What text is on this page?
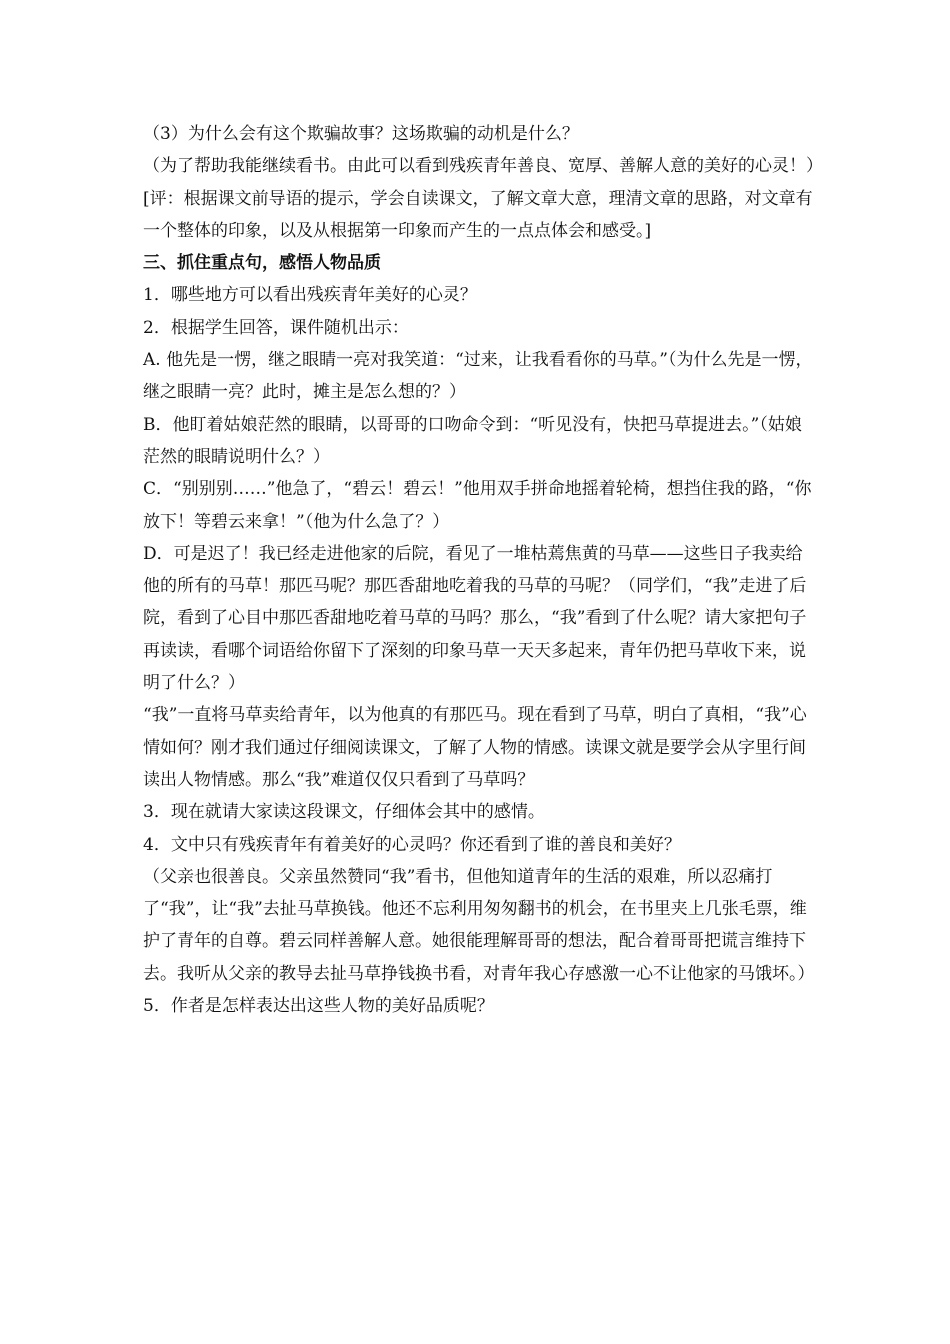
（3）为什么会有这个欺骗故事？这场欺骗的动机是什么？

（为了帮助我能继续看书。由此可以看到残疾青年善良、宽厚、善解人意的美好的心灵！）

[评：根据课文前导语的提示，学会自读课文，了解文章大意，理清文章的思路，对文章有一个整体的印象，以及从根据第一印象而产生的一点点体会和感受。]

三、抓住重点句，感悟人物品质

1．哪些地方可以看出残疾青年美好的心灵？

2．根据学生回答，课件随机出示：

A. 他先是一愣，继之眼睛一亮对我笑道：“过来，让我看看你的马草。”（为什么先是一愣，继之眼睛一亮？此时，摊主是怎么想的？）

B．他盯着姑娘茫然的眼睛，以哥哥的口吻命令到：“听见没有，快把马草提进去。”（姑娘茫然的眼睛说明什么？）

C．“别别别……”他急了，“碧云！碧云！”他用双手拼命地摇着轮椅，想挡住我的路，“你放下！等碧云来拿！”（他为什么急了？）

D．可是迟了！我已经走进他家的后院，看见了一堆枯蔫焦黄的马草——这些日子我卖给他的所有的马草！那匹马呢？那匹香甜地吃着我的马草的马呢？（同学们，“我”走进了后院，看到了心目中那匹香甜地吃着马草的马吗？那么，“我”看到了什么呢？请大家把句子再读读，看哪个词语给你留下了深刻的印象马草一天天多起来，青年仍把马草收下来，说明了什么？）

“我”一直将马草卖给青年，以为他真的有那匹马。现在看到了马草，明白了真相，“我”心情如何？刚才我们通过仔细阅读课文，了解了人物的情感。读课文就是要学会从字里行间读出人物情感。那么“我”难道仅仅只看到了马草吗？

3．现在就请大家读这段课文，仔细体会其中的感情。

4．文中只有残疾青年有着美好的心灵吗？你还看到了谁的善良和美好？

（父亲也很善良。父亲虽然赞同“我”看书，但他知道青年的生活的艰难，所以忍痛打了“我”，让“我”去扯马草换钱。他还不忘利用匆匆翻书的机会，在书里夹上几张毛票，维护了青年的自尊。碧云同样善解人意。她很能理解哥哥的想法，配合着哥哥把谎言维持下去。我听从父亲的教导去扯马草挣钱换书看，对青年我心存感激一心不让他家的马饿坏。）

5．作者是怎样表达出这些人物的美好品质呢？
